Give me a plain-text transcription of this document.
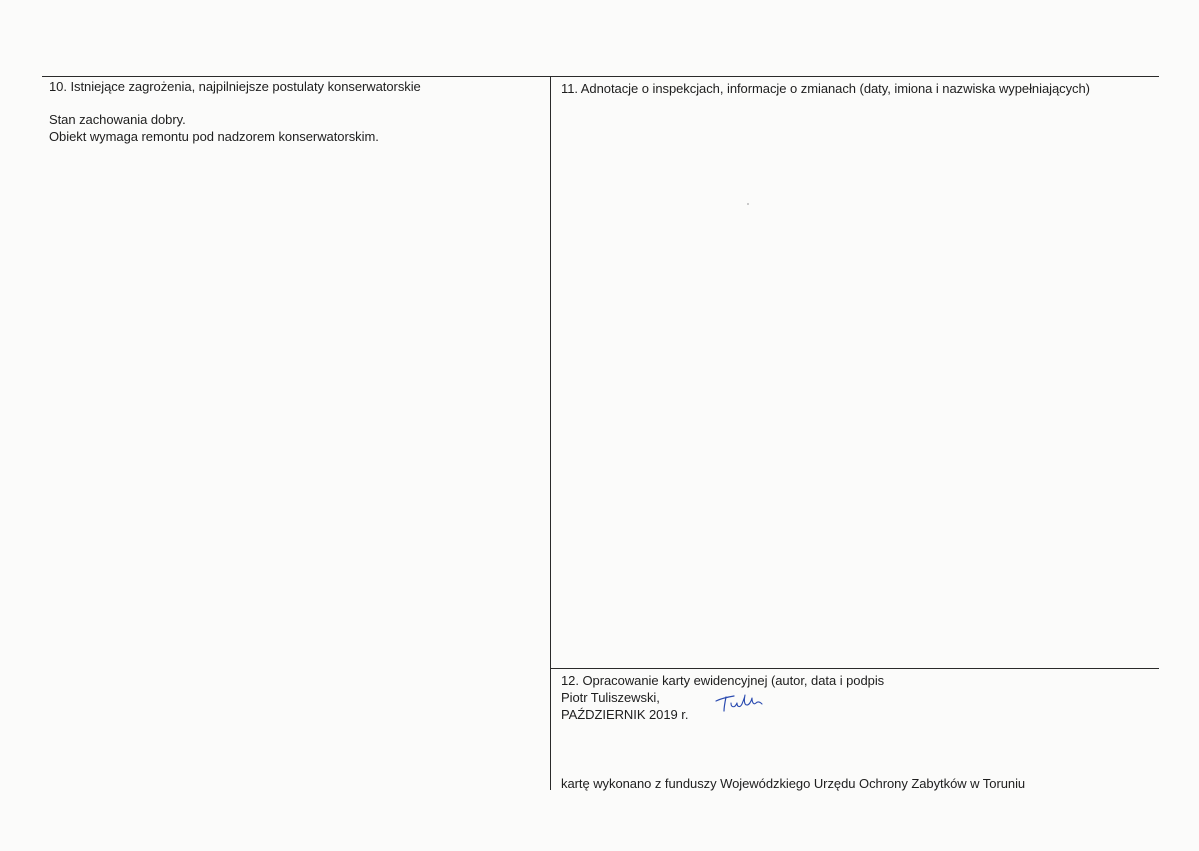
10. Istniejące zagrożenia, najpilniejsze postulaty konserwatorskie
Stan zachowania dobry.
Obiekt wymaga remontu pod nadzorem konserwatorskim.
11. Adnotacje o inspekcjach, informacje o zmianach (daty, imiona i nazwiska wypełniających)
12. Opracowanie karty ewidencyjnej (autor, data i podpis
Piotr Tuliszewski,
PAŹDZIERNIK 2019 r.
kartę wykonano z funduszy Wojewódzkiego Urzędu Ochrony Zabytków w Toruniu
